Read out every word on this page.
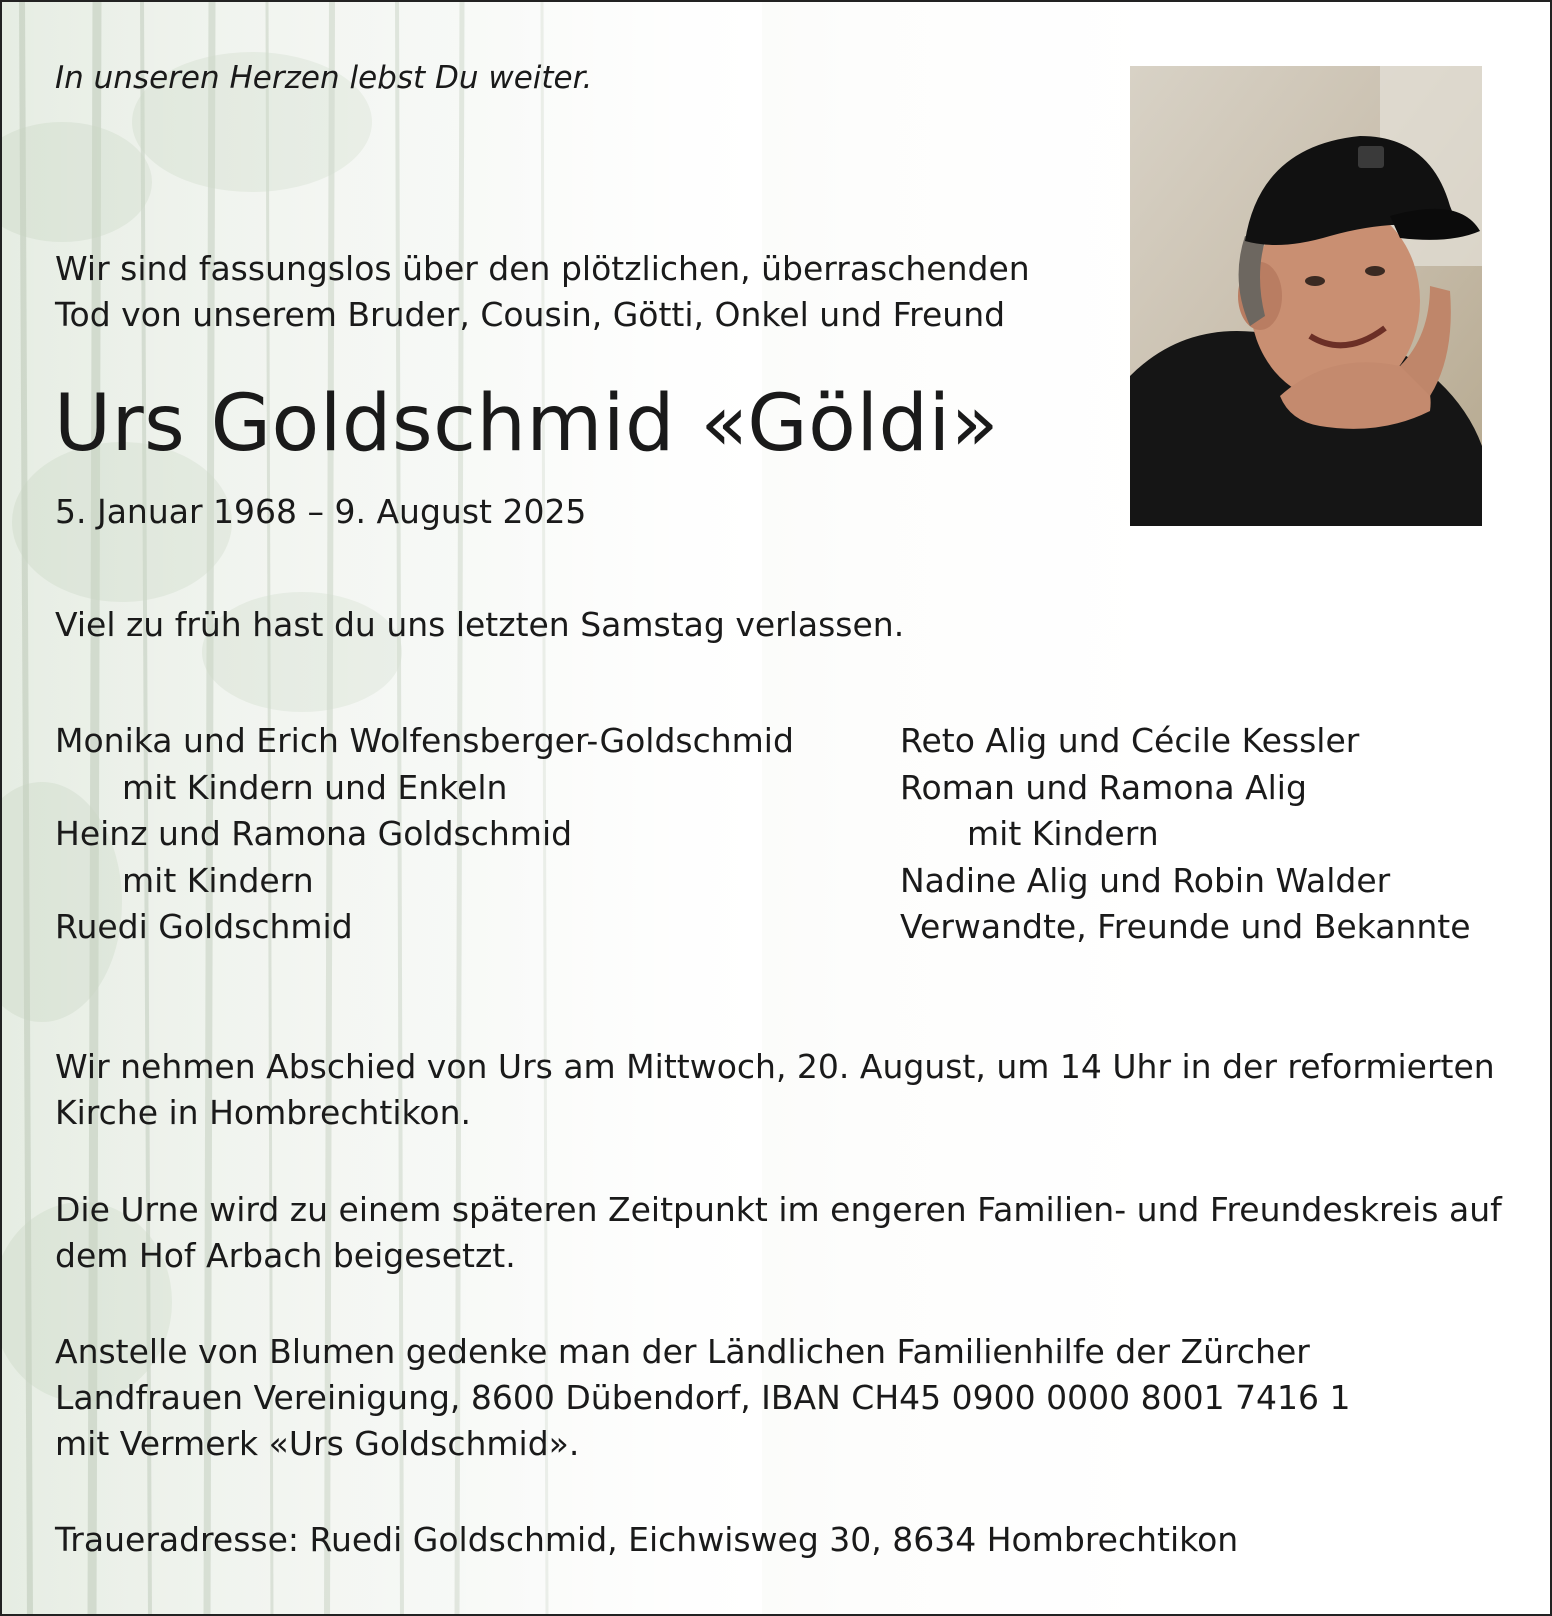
In unseren Herzen lebst Du weiter.
Wir sind fassungslos über den plötzlichen, überraschenden
Tod von unserem Bruder, Cousin, Götti, Onkel und Freund
Urs Goldschmid «Göldi»
5. Januar 1968 – 9. August 2025
Viel zu früh hast du uns letzten Samstag verlassen.
Monika und Erich Wolfensberger-Goldschmid
mit Kindern und Enkeln
Heinz und Ramona Goldschmid
mit Kindern
Ruedi Goldschmid
Reto Alig und Cécile Kessler
Roman und Ramona Alig
mit Kindern
Nadine Alig und Robin Walder
Verwandte, Freunde und Bekannte
Wir nehmen Abschied von Urs am Mittwoch, 20. August, um 14 Uhr in der reformierten
Kirche in Hombrechtikon.
Die Urne wird zu einem späteren Zeitpunkt im engeren Familien- und Freundeskreis auf
dem Hof Arbach beigesetzt.
Anstelle von Blumen gedenke man der Ländlichen Familienhilfe der Zürcher
Landfrauen Vereinigung, 8600 Dübendorf, IBAN CH45 0900 0000 8001 7416 1
mit Vermerk «Urs Goldschmid».
Traueradresse: Ruedi Goldschmid, Eichwisweg 30, 8634 Hombrechtikon
